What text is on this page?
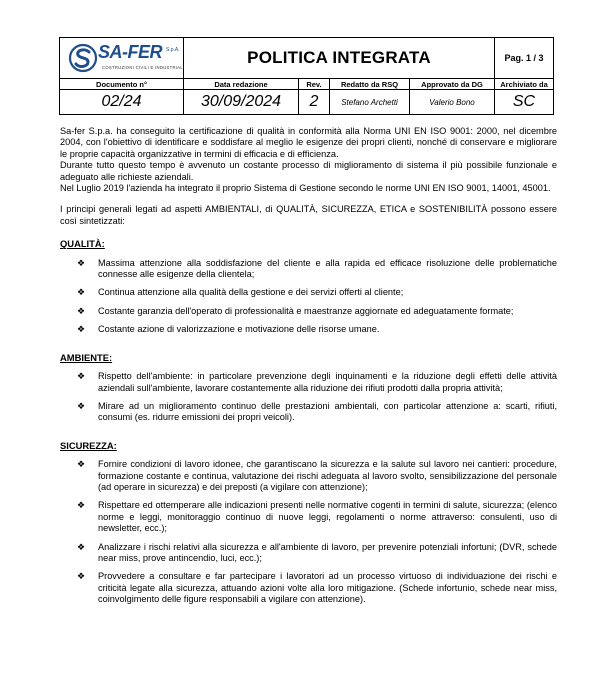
SA-FER S.p.A.
COSTRUZIONI CIVILI E INDUSTRIALI
POLITICA INTEGRATA	Pag. 1 / 3
Documento n°	Data redazione	Rev.	Redatto da RSQ	Approvato da DG	Archiviato da
02/24	30/09/2024	2	Stefano Archetti	Valerio Bono	SC

Sa-fer S.p.a. ha conseguito la certificazione di qualità in conformità alla Norma UNI EN ISO 9001: 2000, nel dicembre 2004, con l'obiettivo di identificare e soddisfare al meglio le esigenze dei propri clienti, nonché di conservare e migliorare le proprie capacità organizzative in termini di efficacia e di efficienza.

Durante tutto questo tempo è avvenuto un costante processo di miglioramento di sistema il più possibile funzionale e adeguato alle richieste aziendali.

Nel Luglio 2019 l'azienda ha integrato il proprio Sistema di Gestione secondo le norme UNI EN ISO 9001, 14001, 45001.

I principi generali legati ad aspetti AMBIENTALI, di QUALITÀ, SICUREZZA, ETICA e SOSTENIBILITÀ possono essere così sintetizzati:

QUALITÀ:
❖ Massima attenzione alla soddisfazione del cliente e alla rapida ed efficace risoluzione delle problematiche connesse alle esigenze della clientela;
❖ Continua attenzione alla qualità della gestione e dei servizi offerti al cliente;
❖ Costante garanzia dell'operato di professionalità e maestranze aggiornate ed adeguatamente formate;
❖ Costante azione di valorizzazione e motivazione delle risorse umane.
AMBIENTE:
❖ Rispetto dell'ambiente: in particolare prevenzione degli inquinamenti e la riduzione degli effetti delle attività aziendali sull'ambiente, lavorare costantemente alla riduzione dei rifiuti prodotti dalla propria attività;
❖ Mirare ad un miglioramento continuo delle prestazioni ambientali, con particolar attenzione a: scarti, rifiuti, consumi (es. ridurre emissioni dei propri veicoli).
SICUREZZA:
❖ Fornire condizioni di lavoro idonee, che garantiscano la sicurezza e la salute sul lavoro nei cantieri: procedure, formazione costante e continua, valutazione dei rischi adeguata al lavoro svolto, sensibilizzazione del personale (ad operare in sicurezza) e dei preposti (a vigilare con attenzione);
❖ Rispettare ed ottemperare alle indicazioni presenti nelle normative cogenti in termini di salute, sicurezza; (elenco norme e leggi, monitoraggio continuo di nuove leggi, regolamenti o norme attraverso: consulenti, uso di newsletter, ecc.);
❖ Analizzare i rischi relativi alla sicurezza e all'ambiente di lavoro, per prevenire potenziali infortuni; (DVR, schede near miss, prove antincendio, luci, ecc.);
❖ Provvedere a consultare e far partecipare i lavoratori ad un processo virtuoso di individuazione dei rischi e criticità legate alla sicurezza, attuando azioni volte alla loro mitigazione. (Schede infortunio, schede near miss, coinvolgimento delle figure responsabili a vigilare con attenzione).
